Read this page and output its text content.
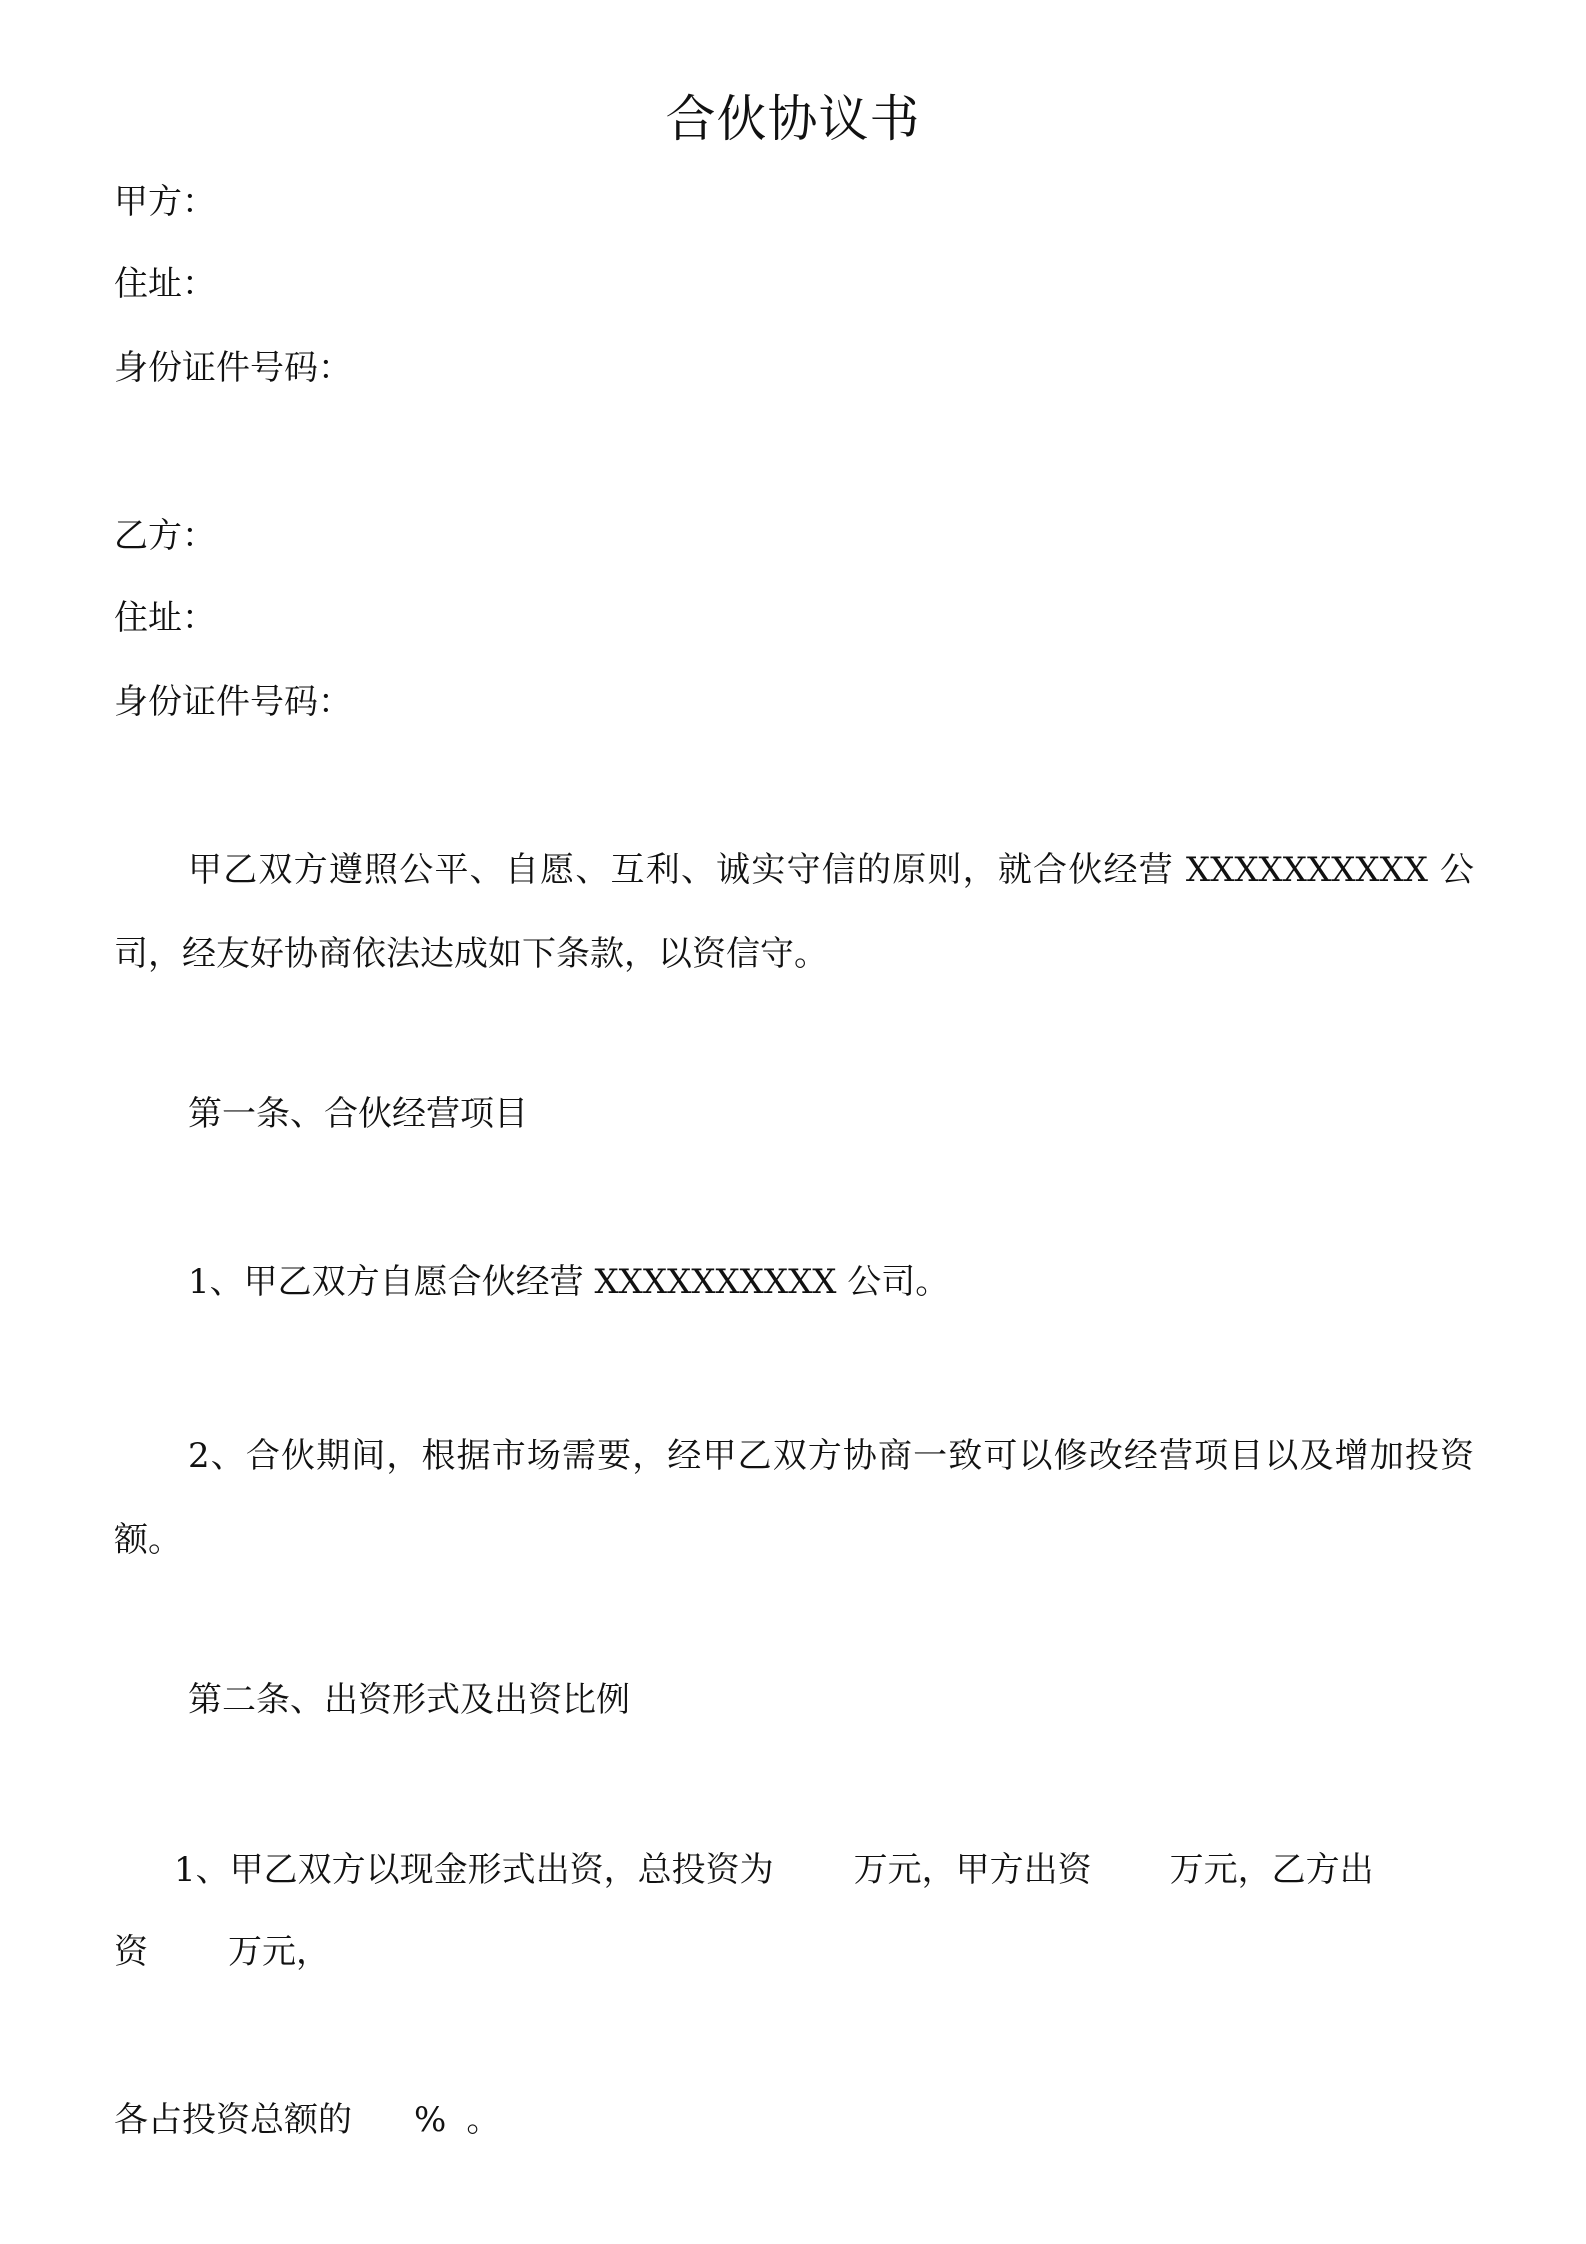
合伙协议书
甲方：
住址：
身份证件号码：
乙方：
住址：
身份证件号码：
甲乙双方遵照公平、自愿、互利、诚实守信的原则，就合伙经营 XXXXXXXXXX 公司，经友好协商依法达成如下条款，以资信守。
第一条、合伙经营项目
1、甲乙双方自愿合伙经营 XXXXXXXXXX 公司。
2、合伙期间，根据市场需要，经甲乙双方协商一致可以修改经营项目以及增加投资额。
第二条、出资形式及出资比例
1、甲乙双方以现金形式出资，总投资为 万元，甲方出资 万元，乙方出
资 万元，
各占投资总额的 % 。
